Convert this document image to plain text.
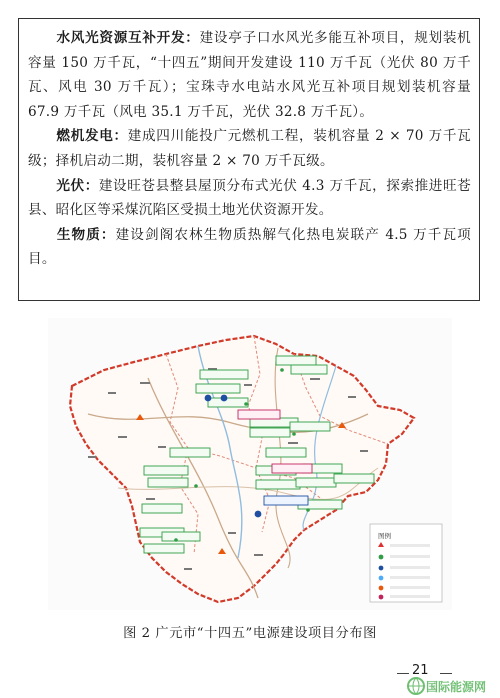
水风光资源互补开发：建设亭子口水风光多能互补项目，规划装机容量 150 万千瓦，“十四五”期间开发建设 110 万千瓦（光伏 80 万千瓦、风电 30 万千瓦）；宝珠寺水电站水风光互补项目规划装机容量 67.9 万千瓦（风电 35.1 万千瓦，光伏 32.8 万千瓦）。

燃机发电：建成四川能投广元燃机工程，装机容量 2 × 70 万千瓦级；择机启动二期，装机容量 2 × 70 万千瓦级。

光伏：建设旺苍县整县屋顶分布式光伏 4.3 万千瓦，探索推进旺苍县、昭化区等采煤沉陷区受损土地光伏资源开发。

生物质：建设剑阁农林生物质热解气化热电炭联产 4.5 万千瓦项目。

图例
图 2 广元市“十四五”电源建设项目分布图
21
国际能源网
